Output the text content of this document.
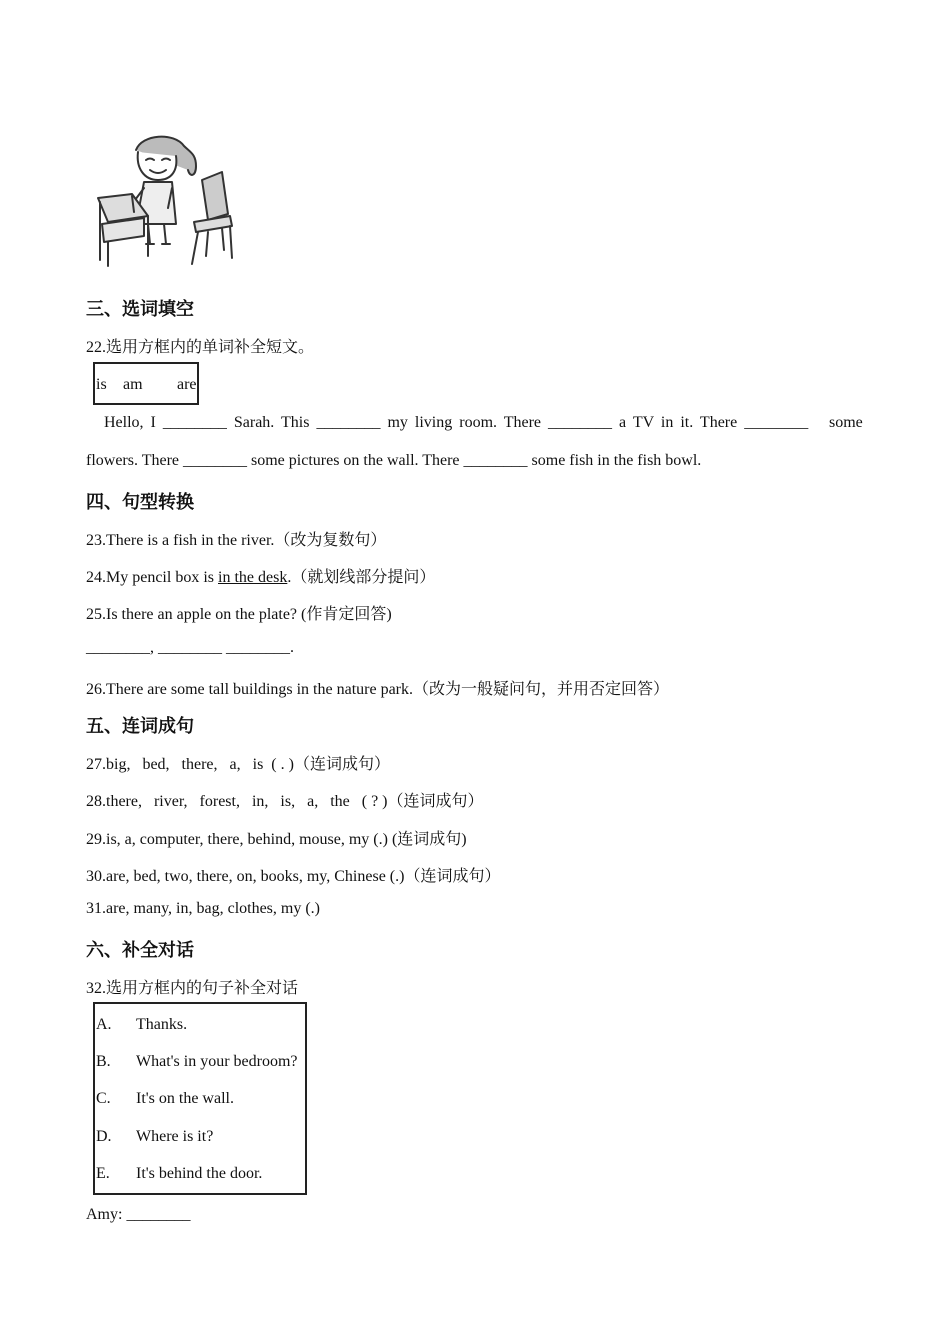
三、选词填空
22.选用方框内的单词补全短文。
is am are
Hello, I ________ Sarah. This ________ my living room. There ________ a TV in it. There ________ some
flowers. There ________ some pictures on the wall. There ________ some fish in the fish bowl.
四、句型转换
23.There is a fish in the river.（改为复数句）
24.My pencil box is in the desk.（就划线部分提问）
25.Is there an apple on the plate? (作肯定回答)
________, ________ ________.
26.There are some tall buildings in the nature park.（改为一般疑问句，并用否定回答）
五、连词成句
27.big,   bed,   there,   a,   is  ( . )（连词成句）
28.there,   river,   forest,   in,   is,   a,   the   ( ? )（连词成句）
29.is, a, computer, there, behind, mouse, my (.) (连词成句)
30.are, bed, two, there, on, books, my, Chinese (.)（连词成句）
31.are, many, in, bag, clothes, my (.)
六、补全对话
32.选用方框内的句子补全对话
A. Thanks.
B. What's in your bedroom?
C. It's on the wall.
D. Where is it?
E. It's behind the door.
Amy: ________
